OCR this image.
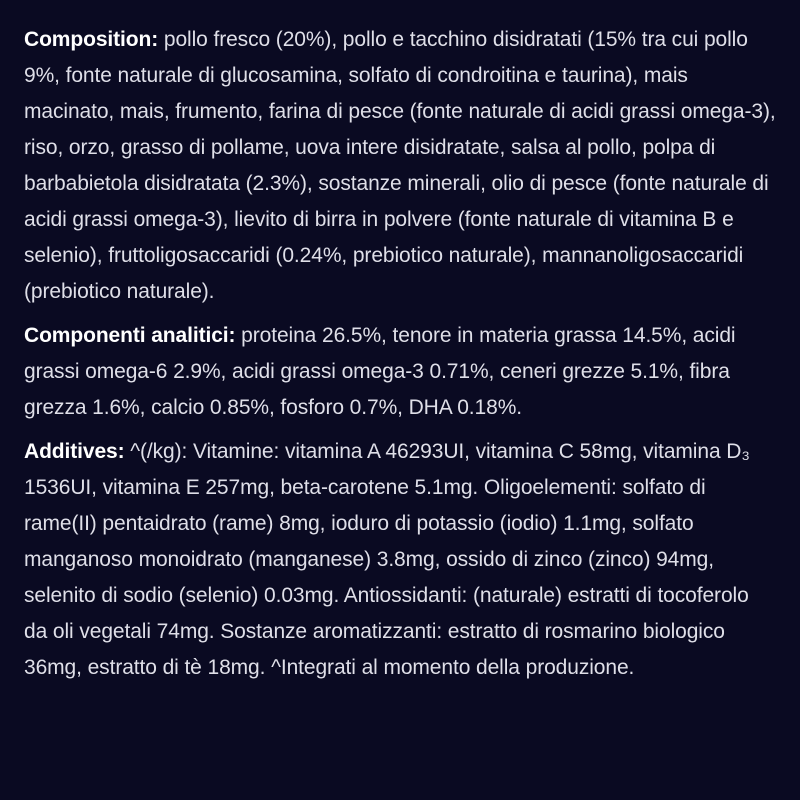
Composition: pollo fresco (20%), pollo e tacchino disidratati (15% tra cui pollo 9%, fonte naturale di glucosamina, solfato di condroitina e taurina), mais macinato, mais, frumento, farina di pesce (fonte naturale di acidi grassi omega-3), riso, orzo, grasso di pollame, uova intere disidratate, salsa al pollo, polpa di barbabietola disidratata (2.3%), sostanze minerali, olio di pesce (fonte naturale di acidi grassi omega-3), lievito di birra in polvere (fonte naturale di vitamina B e selenio), fruttoligosaccaridi (0.24%, prebiotico naturale), mannanoligosaccaridi (prebiotico naturale).

Componenti analitici: proteina 26.5%, tenore in materia grassa 14.5%, acidi grassi omega-6 2.9%, acidi grassi omega-3 0.71%, ceneri grezze 5.1%, fibra grezza 1.6%, calcio 0.85%, fosforo 0.7%, DHA 0.18%.

Additives: ^(/kg): Vitamine: vitamina A 46293UI, vitamina C 58mg, vitamina D₃ 1536UI, vitamina E 257mg, beta-carotene 5.1mg. Oligoelementi: solfato di rame(II) pentaidrato (rame) 8mg, ioduro di potassio (iodio) 1.1mg, solfato manganoso monoidrato (manganese) 3.8mg, ossido di zinco (zinco) 94mg, selenito di sodio (selenio) 0.03mg. Antiossidanti: (naturale) estratti di tocoferolo da oli vegetali 74mg. Sostanze aromatizzanti: estratto di rosmarino biologico 36mg, estratto di tè 18mg. ^Integrati al momento della produzione.
